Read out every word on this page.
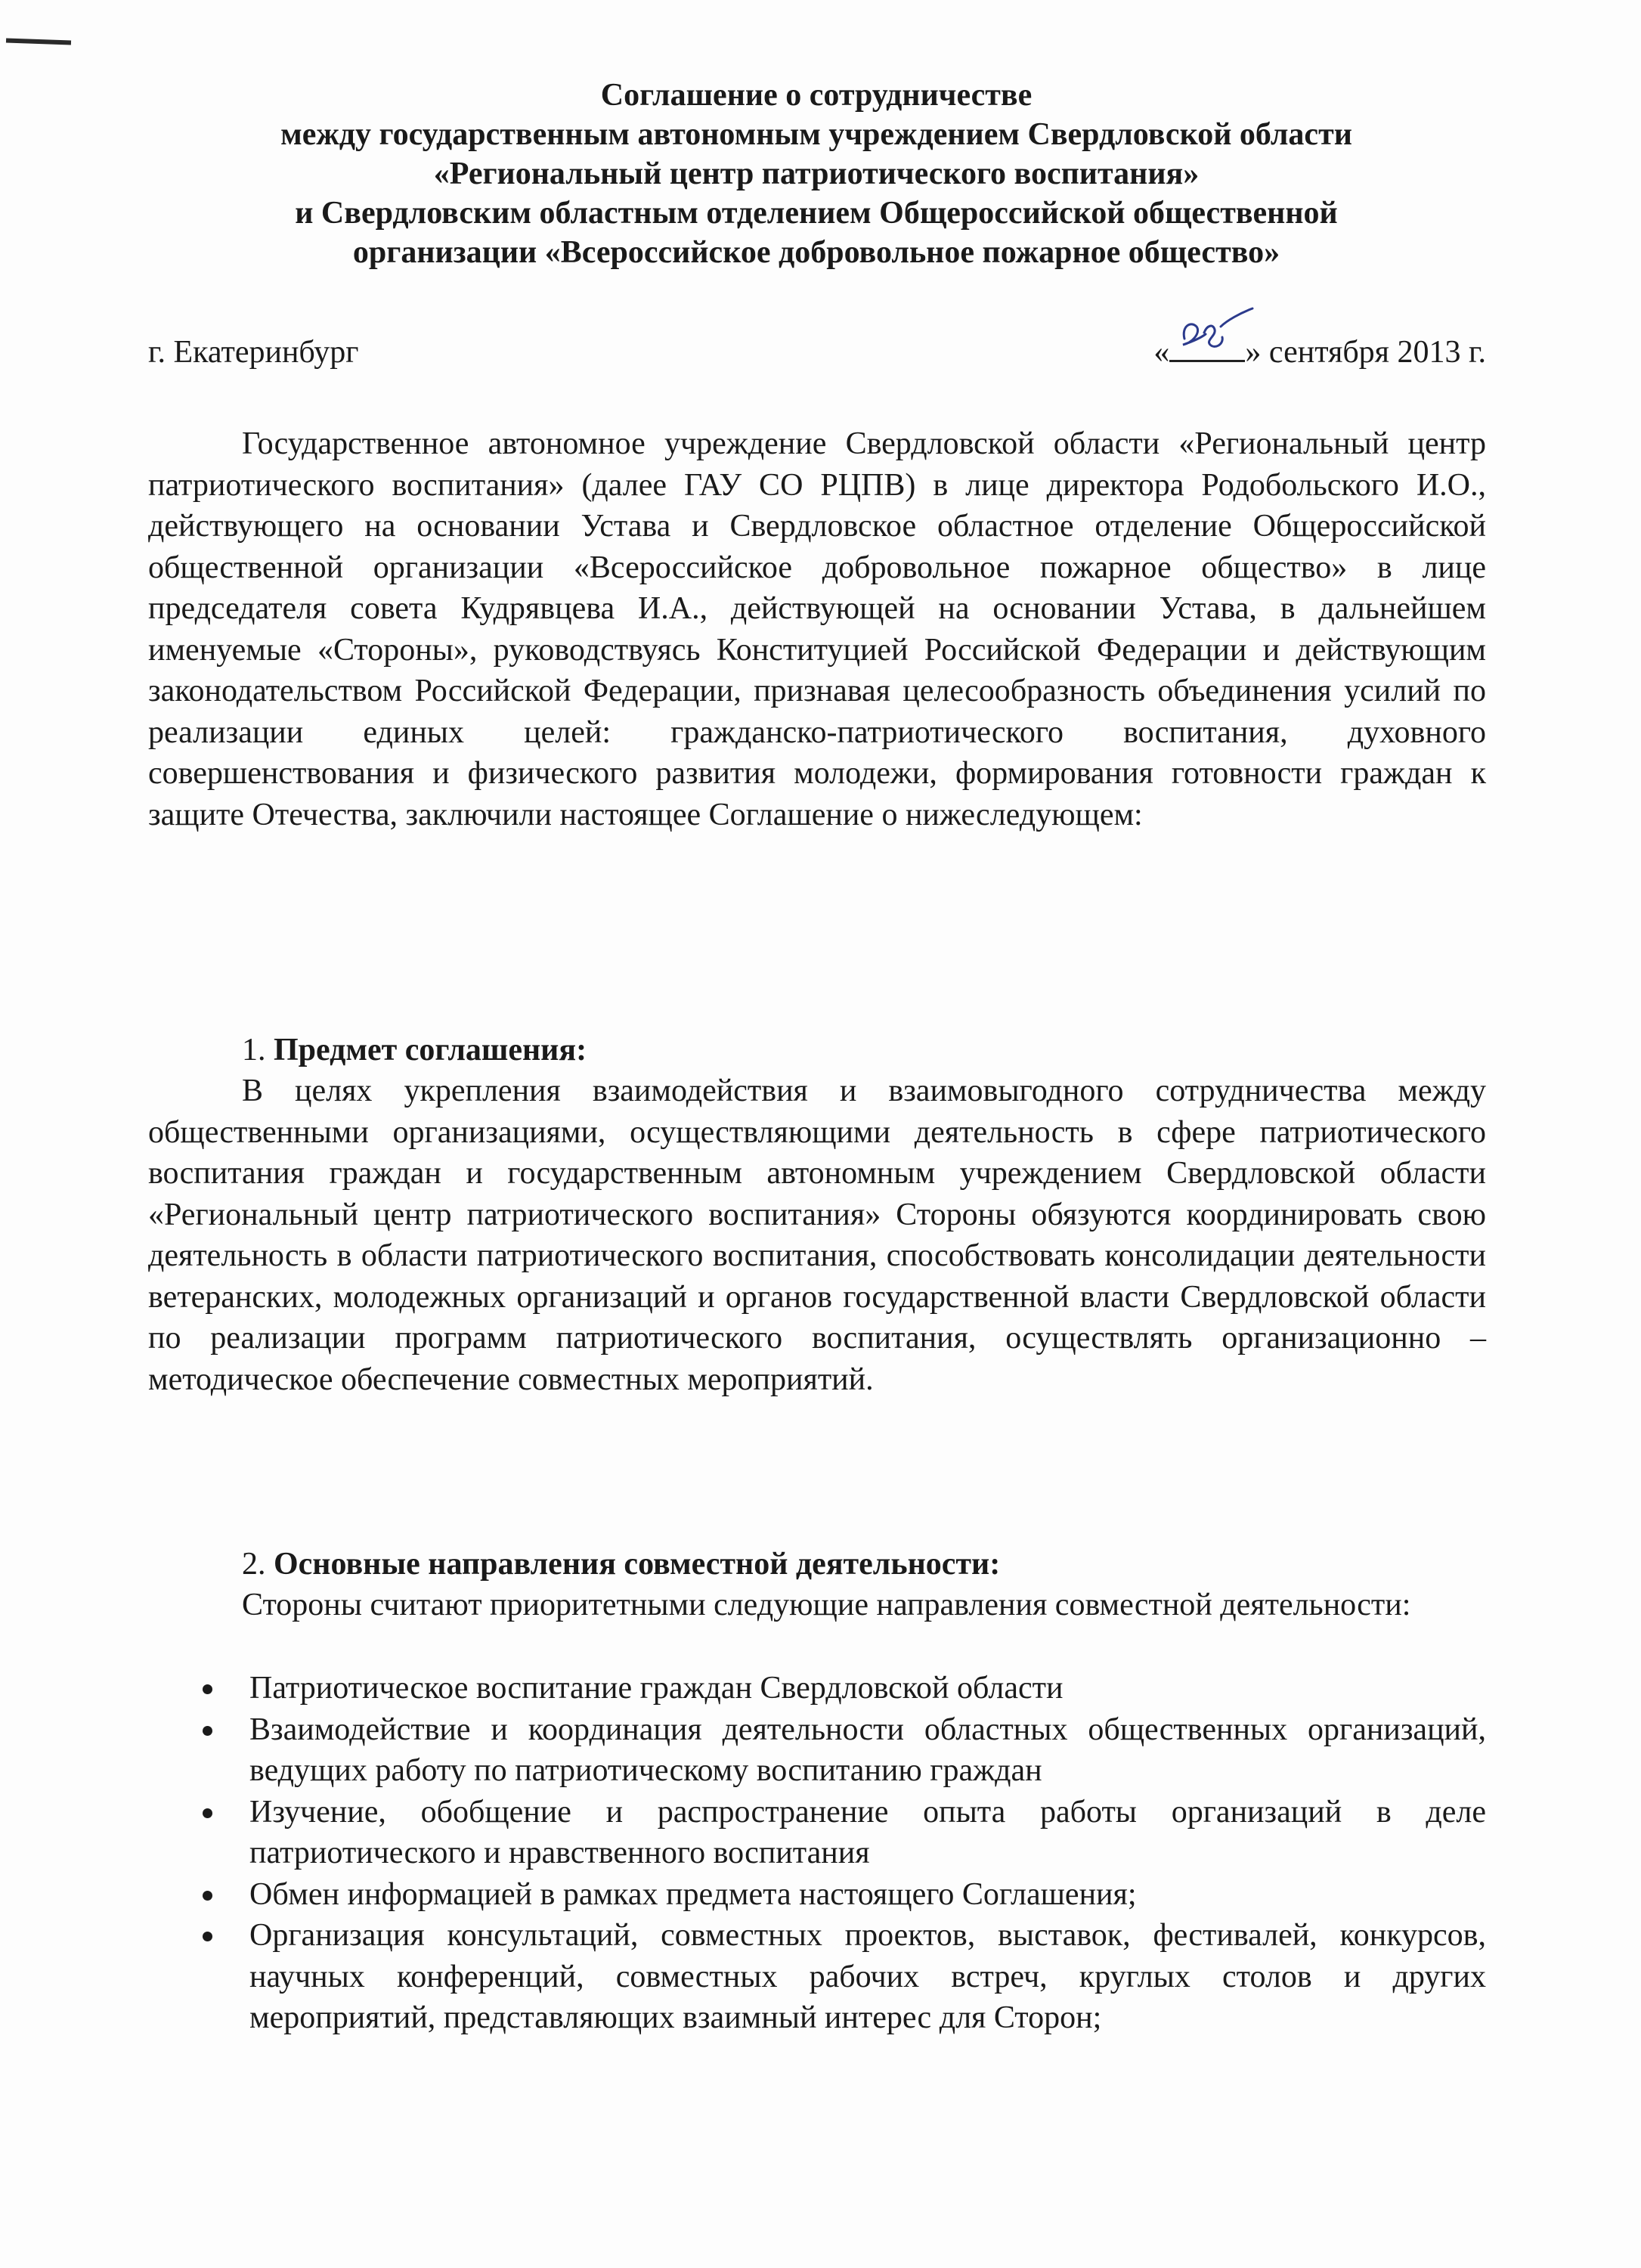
Соглашение о сотрудничестве
между государственным автономным учреждением Свердловской области
«Региональный центр патриотического воспитания»
и Свердловским областным отделением Общероссийской общественной
организации «Всероссийское добровольное пожарное общество»
г. Екатеринбург	« » сентября 2013 г.

Государственное автономное учреждение Свердловской области «Региональный центр патриотического воспитания» (далее ГАУ СО РЦПВ) в лице директора Родобольского И.О., действующего на основании Устава и Свердловское областное отделение Общероссийской общественной организации «Всероссийское добровольное пожарное общество» в лице председателя совета Кудрявцева И.А., действующей на основании Устава, в дальнейшем именуемые «Стороны», руководствуясь Конституцией Российской Федерации и действующим законодательством Российской Федерации, признавая целесообразность объединения усилий по реализации единых целей: гражданско-патриотического воспитания, духовного совершенствования и физического развития молодежи, формирования готовности граждан к защите Отечества, заключили настоящее Соглашение о нижеследующем:

1. Предмет соглашения:

В целях укрепления взаимодействия и взаимовыгодного сотрудничества между общественными организациями, осуществляющими деятельность в сфере патриотического воспитания граждан и государственным автономным учреждением Свердловской области «Региональный центр патриотического воспитания» Стороны обязуются координировать свою деятельность в области патриотического воспитания, способствовать консолидации деятельности ветеранских, молодежных организаций и органов государственной власти Свердловской области по реализации программ патриотического воспитания, осуществлять организационно – методическое обеспечение совместных мероприятий.

2. Основные направления совместной деятельности:

Стороны считают приоритетными следующие направления совместной деятельности:

Патриотическое воспитание граждан Свердловской области
Взаимодействие и координация деятельности областных общественных организаций, ведущих работу по патриотическому воспитанию граждан
Изучение, обобщение и распространение опыта работы организаций в деле патриотического и нравственного воспитания
Обмен информацией в рамках предмета настоящего Соглашения;
Организация консультаций, совместных проектов, выставок, фестивалей, конкурсов, научных конференций, совместных рабочих встреч, круглых столов и других мероприятий, представляющих взаимный интерес для Сторон;
